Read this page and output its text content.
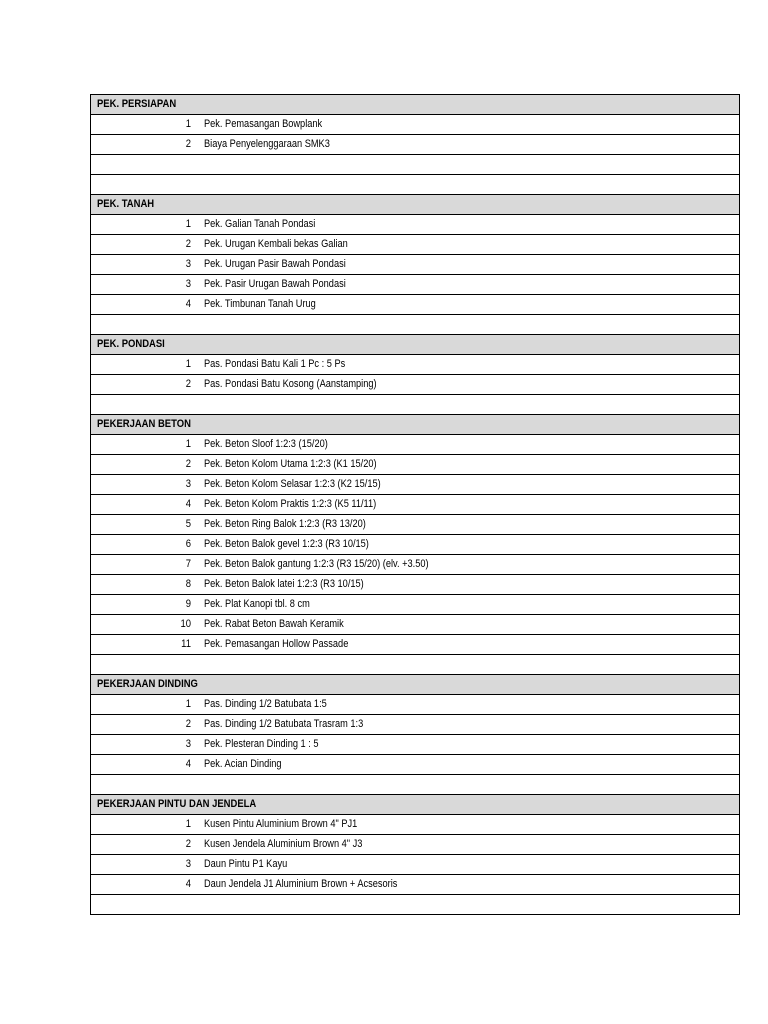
PEK. PERSIAPAN
1 Pek. Pemasangan Bowplank
2 Biaya Penyelenggaraan SMK3
PEK. TANAH
1 Pek. Galian Tanah Pondasi
2 Pek. Urugan Kembali bekas Galian
3 Pek. Urugan Pasir Bawah Pondasi
3 Pek. Pasir Urugan Bawah Pondasi
4 Pek. Timbunan Tanah Urug
PEK. PONDASI
1 Pas. Pondasi Batu Kali 1 Pc : 5 Ps
2 Pas. Pondasi Batu Kosong (Aanstamping)
PEKERJAAN BETON
1 Pek. Beton Sloof 1:2:3 (15/20)
2 Pek. Beton Kolom Utama 1:2:3 (K1 15/20)
3 Pek. Beton Kolom Selasar 1:2:3 (K2 15/15)
4 Pek. Beton Kolom Praktis 1:2:3 (K5 11/11)
5 Pek. Beton Ring Balok 1:2:3 (R3 13/20)
6 Pek. Beton Balok gevel 1:2:3 (R3 10/15)
7 Pek. Beton Balok gantung 1:2:3 (R3 15/20) (elv. +3.50)
8 Pek. Beton Balok latei 1:2:3 (R3 10/15)
9 Pek. Plat Kanopi tbl. 8 cm
10 Pek. Rabat Beton Bawah Keramik
11 Pek. Pemasangan Hollow Passade
PEKERJAAN DINDING
1 Pas. Dinding 1/2 Batubata 1:5
2 Pas. Dinding 1/2 Batubata Trasram 1:3
3 Pek. Plesteran Dinding 1 : 5
4 Pek. Acian Dinding
PEKERJAAN PINTU DAN JENDELA
1 Kusen Pintu Aluminium Brown 4" PJ1
2 Kusen Jendela Aluminium Brown 4" J3
3 Daun Pintu P1 Kayu
4 Daun Jendela J1 Aluminium Brown + Acsesoris
